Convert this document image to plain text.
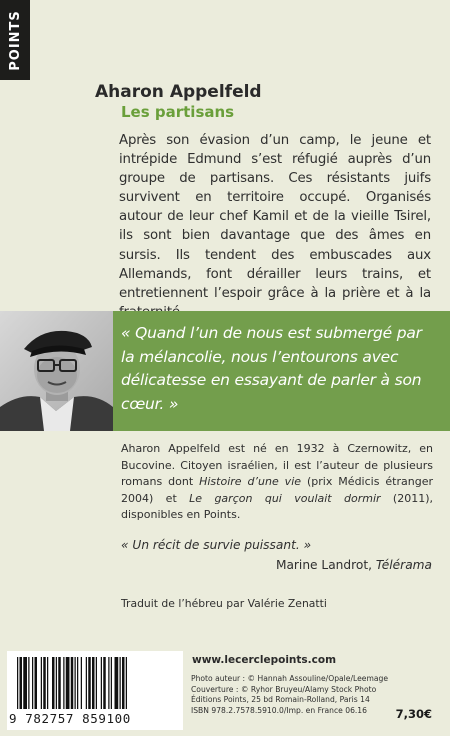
POINTS
Aharon Appelfeld
Les partisans

Après son évasion d’un camp, le jeune et intrépide Edmund s’est réfugié auprès d’un groupe de partisans. Ces résistants juifs survivent en territoire occupé. Organisés autour de leur chef Kamil et de la vieille Tsirel, ils sont bien davantage que des âmes en sursis. Ils tendent des embuscades aux Allemands, font dérailler leurs trains, et entretiennent l’espoir grâce à la prière et à la

« Quand l’un de nous est submergé par la mélancolie, nous l’entourons avec délicatesse en essayant de parler à son cœur. »

Aharon Appelfeld est né en 1932 à Czernowitz, en Bucovine. Citoyen israélien, il est l’auteur de plusieurs romans dont Histoire d’une vie (prix Médicis étranger 2004) et Le garçon qui voulait dormir (2011), disponibles en Points.

« Un récit de survie puissant. »
Marine Landrot, Télérama
Traduit de l’hébreu par Valérie Zenatti
9 782757 859100
www.lecerclepoints.com
Photo auteur : © Hannah Assouline/Opale/Leemage
Couverture : © Ryhor Bruyeu/Alamy Stock Photo
Éditions Points, 25 bd Romain-Rolland, Paris 14
ISBN 978.2.7578.5910.0/Imp. en France 06.16	7,30€
